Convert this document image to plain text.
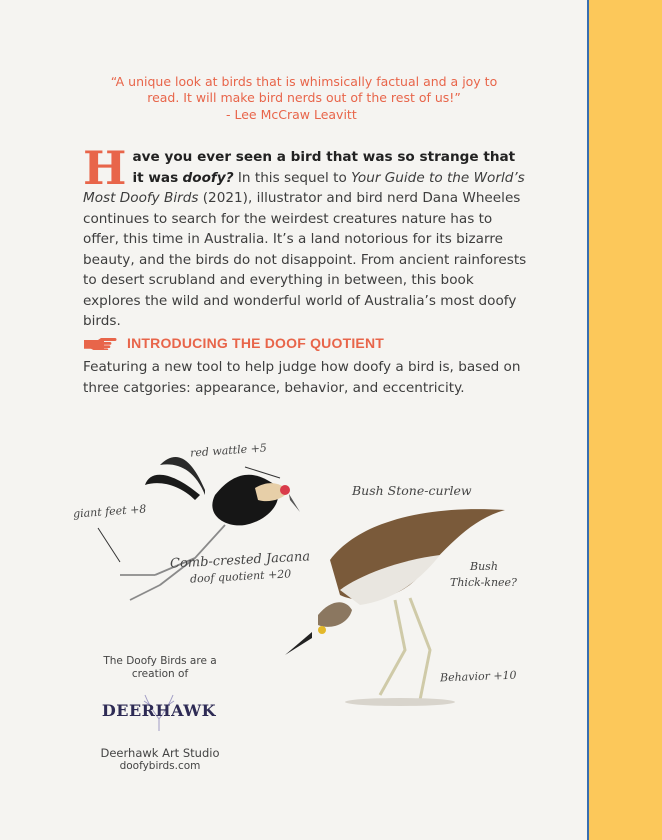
“A unique look at birds that is whimsically factual and a joy to read. It will make bird nerds out of the rest of us!”
- Lee McCraw Leavitt
Have you ever seen a bird that was so strange that it was doofy? In this sequel to Your Guide to the World’s Most Doofy Birds (2021), illustrator and bird nerd Dana Wheeles continues to search for the weirdest creatures nature has to offer, this time in Australia. It’s a land notorious for its bizarre beauty, and the birds do not disappoint. From ancient rainforests to desert scrubland and everything in between, this book explores the wild and wonderful world of Australia’s most doofy birds.
INTRODUCING THE DOOF QUOTIENT
Featuring a new tool to help judge how doofy a bird is, based on three catgories: appearance, behavior, and eccentricity.
red wattle +5
giant feet +8
Comb-crested Jacana
doof quotient +20
Bush Stone-curlew
Bush
Thick-knee?
Behavior +10
The Doofy Birds are a
creation of
DEERHAWK
Deerhawk Art Studio
doofybirds.com
